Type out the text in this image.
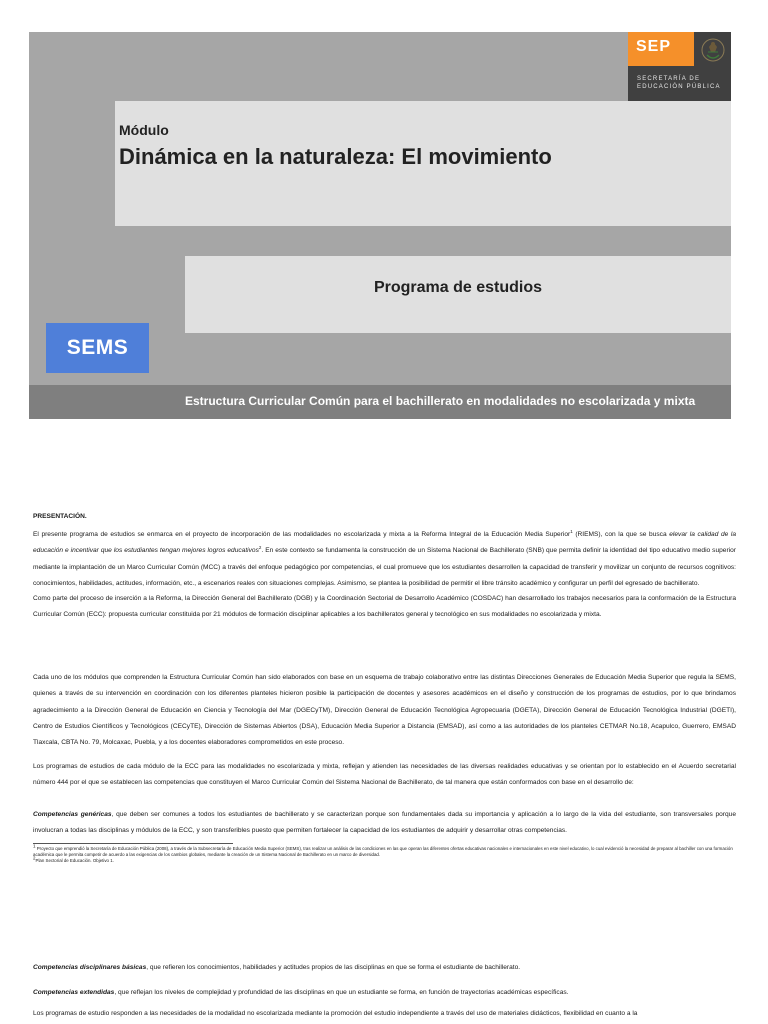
SEP
SECRETARÍA DE
EDUCACIÓN PÚBLICA
Módulo
Dinámica en la naturaleza: El movimiento
Programa de estudios
SEMS
Estructura Curricular Común para el bachillerato en modalidades no escolarizada y mixta
PRESENTACIÓN.

El presente programa de estudios se enmarca en el proyecto de incorporación de las modalidades no escolarizada y mixta a la Reforma Integral de la Educación Media Superior$^1$ (RIEMS), con la que se busca elevar la calidad de la educación e incentivar que los estudiantes tengan mejores logros educativos$^2$. En este contexto se fundamenta la construcción de un Sistema Nacional de Bachillerato (SNB) que permita definir la identidad del tipo educativo medio superior mediante la implantación de un Marco Curricular Común (MCC) a través del enfoque pedagógico por competencias, el cual promueve que los estudiantes desarrollen la capacidad de transferir y movilizar un conjunto de recursos cognitivos: conocimientos, habilidades, actitudes, información, etc., a escenarios reales con situaciones complejas. Asimismo, se plantea la posibilidad de permitir el libre tránsito académico y configurar un perfil del egresado de bachillerato.

Como parte del proceso de inserción a la Reforma, la Dirección General del Bachillerato (DGB) y la Coordinación Sectorial de Desarrollo Académico (COSDAC) han desarrollado los trabajos necesarios para la conformación de la Estructura Curricular Común (ECC): propuesta curricular constituida por 21 módulos de formación disciplinar aplicables a los bachilleratos general y tecnológico en sus modalidades no escolarizada y mixta.

Cada uno de los módulos que comprenden la Estructura Curricular Común han sido elaborados con base en un esquema de trabajo colaborativo entre las distintas Direcciones Generales de Educación Media Superior que regula la SEMS, quienes a través de su intervención en coordinación con los diferentes planteles hicieron posible la participación de docentes y asesores académicos en el diseño y construcción de los programas de estudios, por lo que brindamos agradecimiento a la Dirección General de Educación en Ciencia y Tecnología del Mar (DGECyTM), Dirección General de Educación Tecnológica Agropecuaria (DGETA), Dirección General de Educación Tecnológica Industrial (DGETI), Centro de Estudios Científicos y Tecnológicos (CECyTE), Dirección de Sistemas Abiertos (DSA), Educación Media Superior a Distancia (EMSAD), así como a las autoridades de los planteles CETMAR No.18, Acapulco, Guerrero, EMSAD Tlaxcala, CBTA No. 79, Molcaxac, Puebla, y a los docentes elaboradores comprometidos en este proceso.

Los programas de estudios de cada módulo de la ECC para las modalidades no escolarizada y mixta, reflejan y atienden las necesidades de las diversas realidades educativas y se orientan por lo establecido en el Acuerdo secretarial número 444 por el que se establecen las competencias que constituyen el Marco Curricular Común del Sistema Nacional de Bachillerato, de tal manera que están conformados con base en el desarrollo de:

Competencias genéricas, que deben ser comunes a todos los estudiantes de bachillerato y se caracterizan porque son fundamentales dada su importancia y aplicación a lo largo de la vida del estudiante, son transversales porque involucran a todas las disciplinas y módulos de la ECC, y son transferibles puesto que permiten fortalecer la capacidad de los estudiantes de adquirir y desarrollar otras competencias.

$^1$ Proyecto que emprendió la Secretaría de Educación Pública (2008), a través de la Subsecretaría de Educación Media Superior (SEMS), tras realizar un análisis de las condiciones en las que operan las diferentes ofertas educativas nacionales e internacionales en este nivel educativo, lo cual evidenció la necesidad de preparar al bachiller con una formación académica que le permita competir de acuerdo a las exigencias de los cambios globales, mediante la creación de un Sistema Nacional de Bachillerato en un marco de diversidad.
$^2$Plan Sectorial de Educación. Objetivo 1.

Competencias disciplinares básicas, que refieren los conocimientos, habilidades y actitudes propios de las disciplinas en que se forma el estudiante de bachillerato.

Competencias extendidas, que reflejan los niveles de complejidad y profundidad de las disciplinas en que un estudiante se forma, en función de trayectorias académicas específicas.

Los programas de estudio responden a las necesidades de la modalidad no escolarizada mediante la promoción del estudio independiente a través del uso de materiales didácticos, flexibilidad en cuanto a la
